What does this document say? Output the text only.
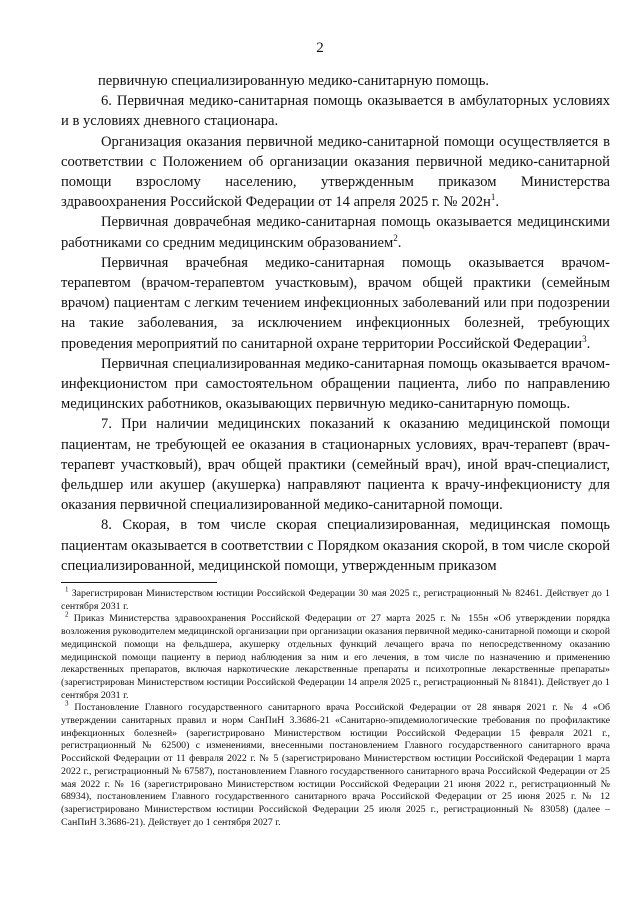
2

первичную специализированную медико-санитарную помощь.

6. Первичная медико-санитарная помощь оказывается в амбулаторных условиях и в условиях дневного стационара.

Организация оказания первичной медико-санитарной помощи осуществляется в соответствии с Положением об организации оказания первичной медико-санитарной помощи взрослому населению, утвержденным приказом Министерства здравоохранения Российской Федерации от 14 апреля 2025 г. № $202н^1$.

Первичная доврачебная медико-санитарная помощь оказывается медицинскими работниками со средним медицинским образованием$^2$.

Первичная врачебная медико-санитарная помощь оказывается врачом-терапевтом (врачом-терапевтом участковым), врачом общей практики (семейным врачом) пациентам с легким течением инфекционных заболеваний или при подозрении на такие заболевания, за исключением инфекционных болезней, требующих проведения мероприятий по санитарной охране территории Российской Федерации$^3$.

Первичная специализированная медико-санитарная помощь оказывается врачом-инфекционистом при самостоятельном обращении пациента, либо по направлению медицинских работников, оказывающих первичную медико-санитарную помощь.

7. При наличии медицинских показаний к оказанию медицинской помощи пациентам, не требующей ее оказания в стационарных условиях, врач-терапевт (врач-терапевт участковый), врач общей практики (семейный врач), иной врач-специалист, фельдшер или акушер (акушерка) направляют пациента к врачу-инфекционисту для оказания первичной специализированной медико-санитарной помощи.

8. Скорая, в том числе скорая специализированная, медицинская помощь пациентам оказывается в соответствии с Порядком оказания скорой, в том числе скорой специализированной, медицинской помощи, утвержденным приказом

$^1$ Зарегистрирован Министерством юстиции Российской Федерации 30 мая 2025 г., регистрационный № 82461. Действует до 1 сентября 2031 г.

$^2$ Приказ Министерства здравоохранения Российской Федерации от 27 марта 2025 г. № 155н «Об утверждении порядка возложения руководителем медицинской организации при организации оказания первичной медико-санитарной помощи и скорой медицинской помощи на фельдшера, акушерку отдельных функций лечащего врача по непосредственному оказанию медицинской помощи пациенту в период наблюдения за ним и его лечения, в том числе по назначению и применению лекарственных препаратов, включая наркотические лекарственные препараты и психотропные лекарственные препараты» (зарегистрирован Министерством юстиции Российской Федерации 14 апреля 2025 г., регистрационный № 81841). Действует до 1 сентября 2031 г.

$^3$ Постановление Главного государственного санитарного врача Российской Федерации от 28 января 2021 г. № 4 «Об утверждении санитарных правил и норм СанПиН 3.3686-21 «Санитарно-эпидемиологические требования по профилактике инфекционных болезней» (зарегистрировано Министерством юстиции Российской Федерации 15 февраля 2021 г., регистрационный № 62500) с изменениями, внесенными постановлением Главного государственного санитарного врача Российской Федерации от 11 февраля 2022 г. № 5 (зарегистрировано Министерством юстиции Российской Федерации 1 марта 2022 г., регистрационный № 67587), постановлением Главного государственного санитарного врача Российской Федерации от 25 мая 2022 г. № 16 (зарегистрировано Министерством юстиции Российской Федерации 21 июня 2022 г., регистрационный № 68934), постановлением Главного государственного санитарного врача Российской Федерации от 25 июня 2025 г. № 12 (зарегистрировано Министерством юстиции Российской Федерации 25 июля 2025 г., регистрационный № 83058) (далее – СанПиН 3.3686-21). Действует до 1 сентября 2027 г.
